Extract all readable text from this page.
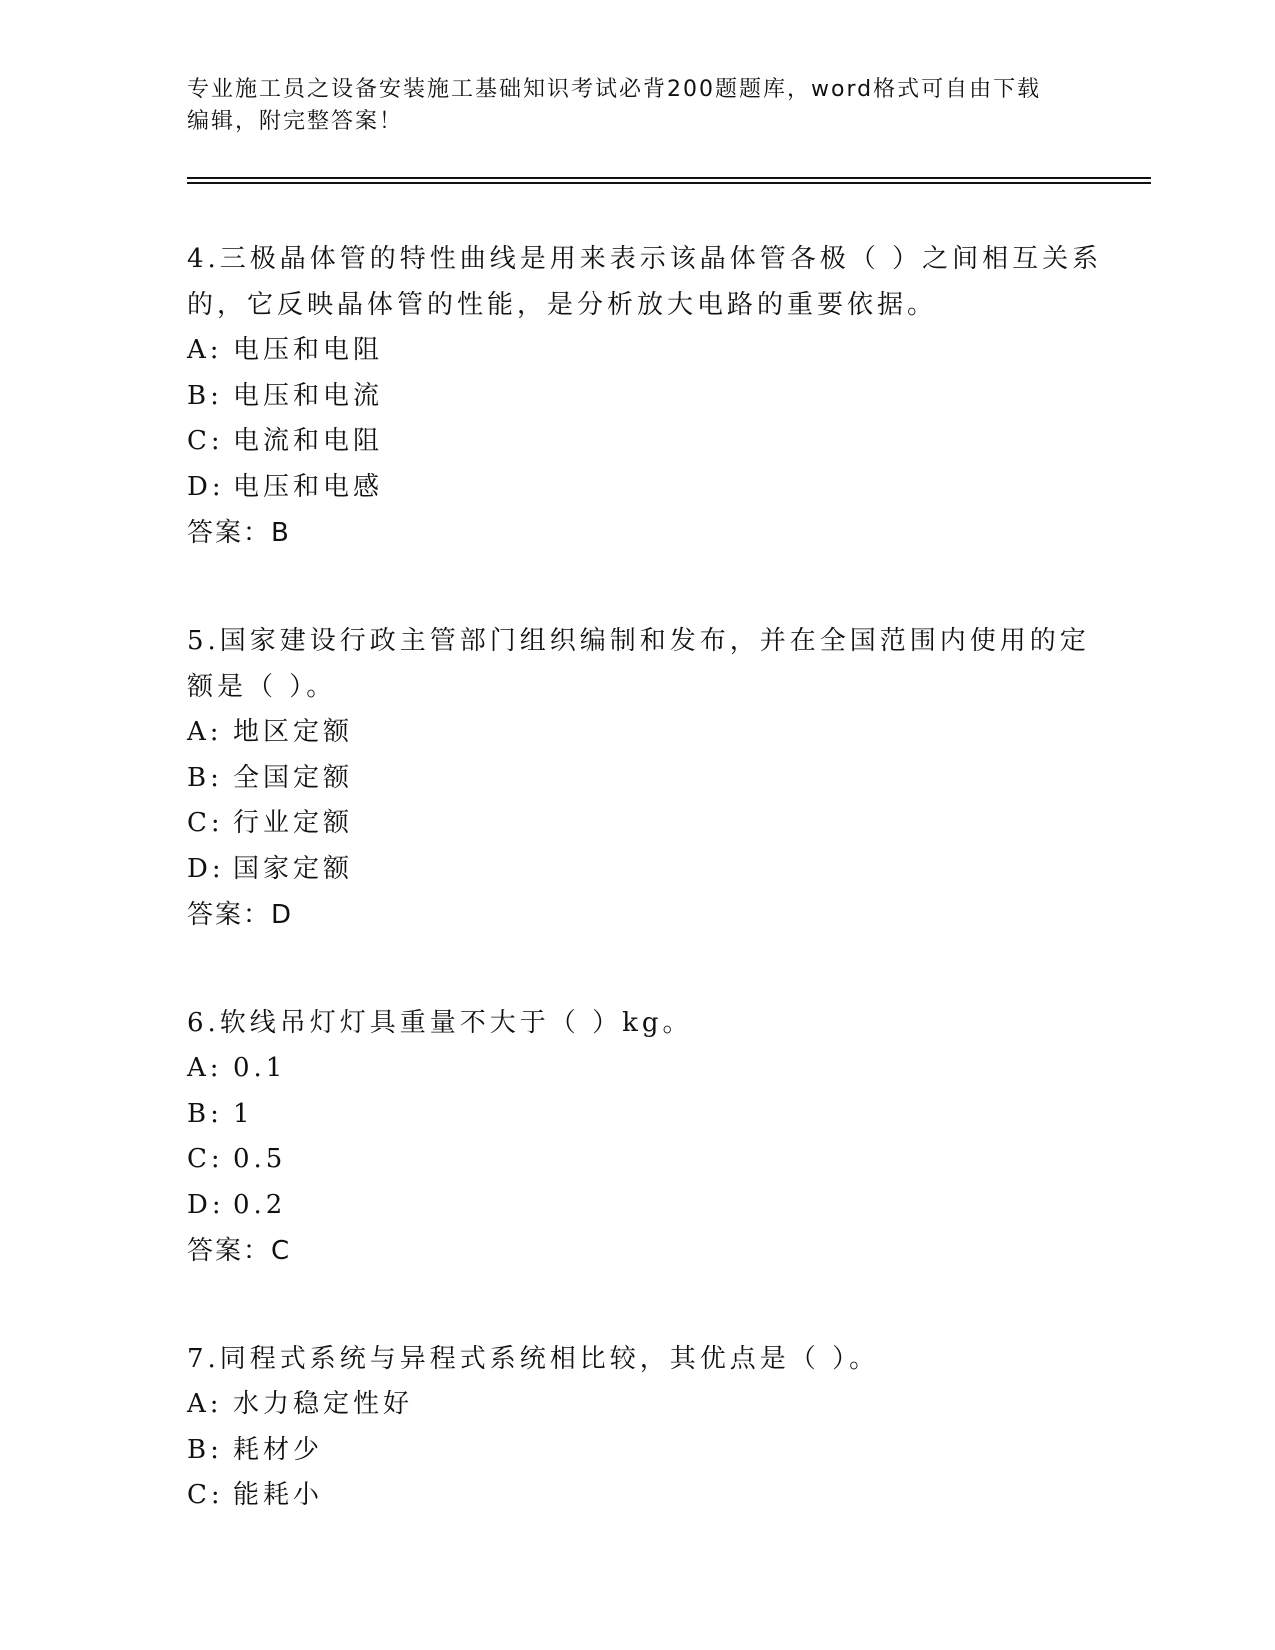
专业施工员之设备安装施工基础知识考试必背200题题库，word格式可自由下载
编辑，附完整答案！
4.三极晶体管的特性曲线是用来表示该晶体管各极（ ）之间相互关系
的，它反映晶体管的性能，是分析放大电路的重要依据。
A: 电压和电阻
B: 电压和电流
C: 电流和电阻
D: 电压和电感
答案：B
5.国家建设行政主管部门组织编制和发布，并在全国范围内使用的定
额是（ ）。
A: 地区定额
B: 全国定额
C: 行业定额
D: 国家定额
答案：D
6.软线吊灯灯具重量不大于（ ）kg。
A: 0.1
B: 1
C: 0.5
D: 0.2
答案：C
7.同程式系统与异程式系统相比较，其优点是（ ）。
A: 水力稳定性好
B: 耗材少
C: 能耗小
